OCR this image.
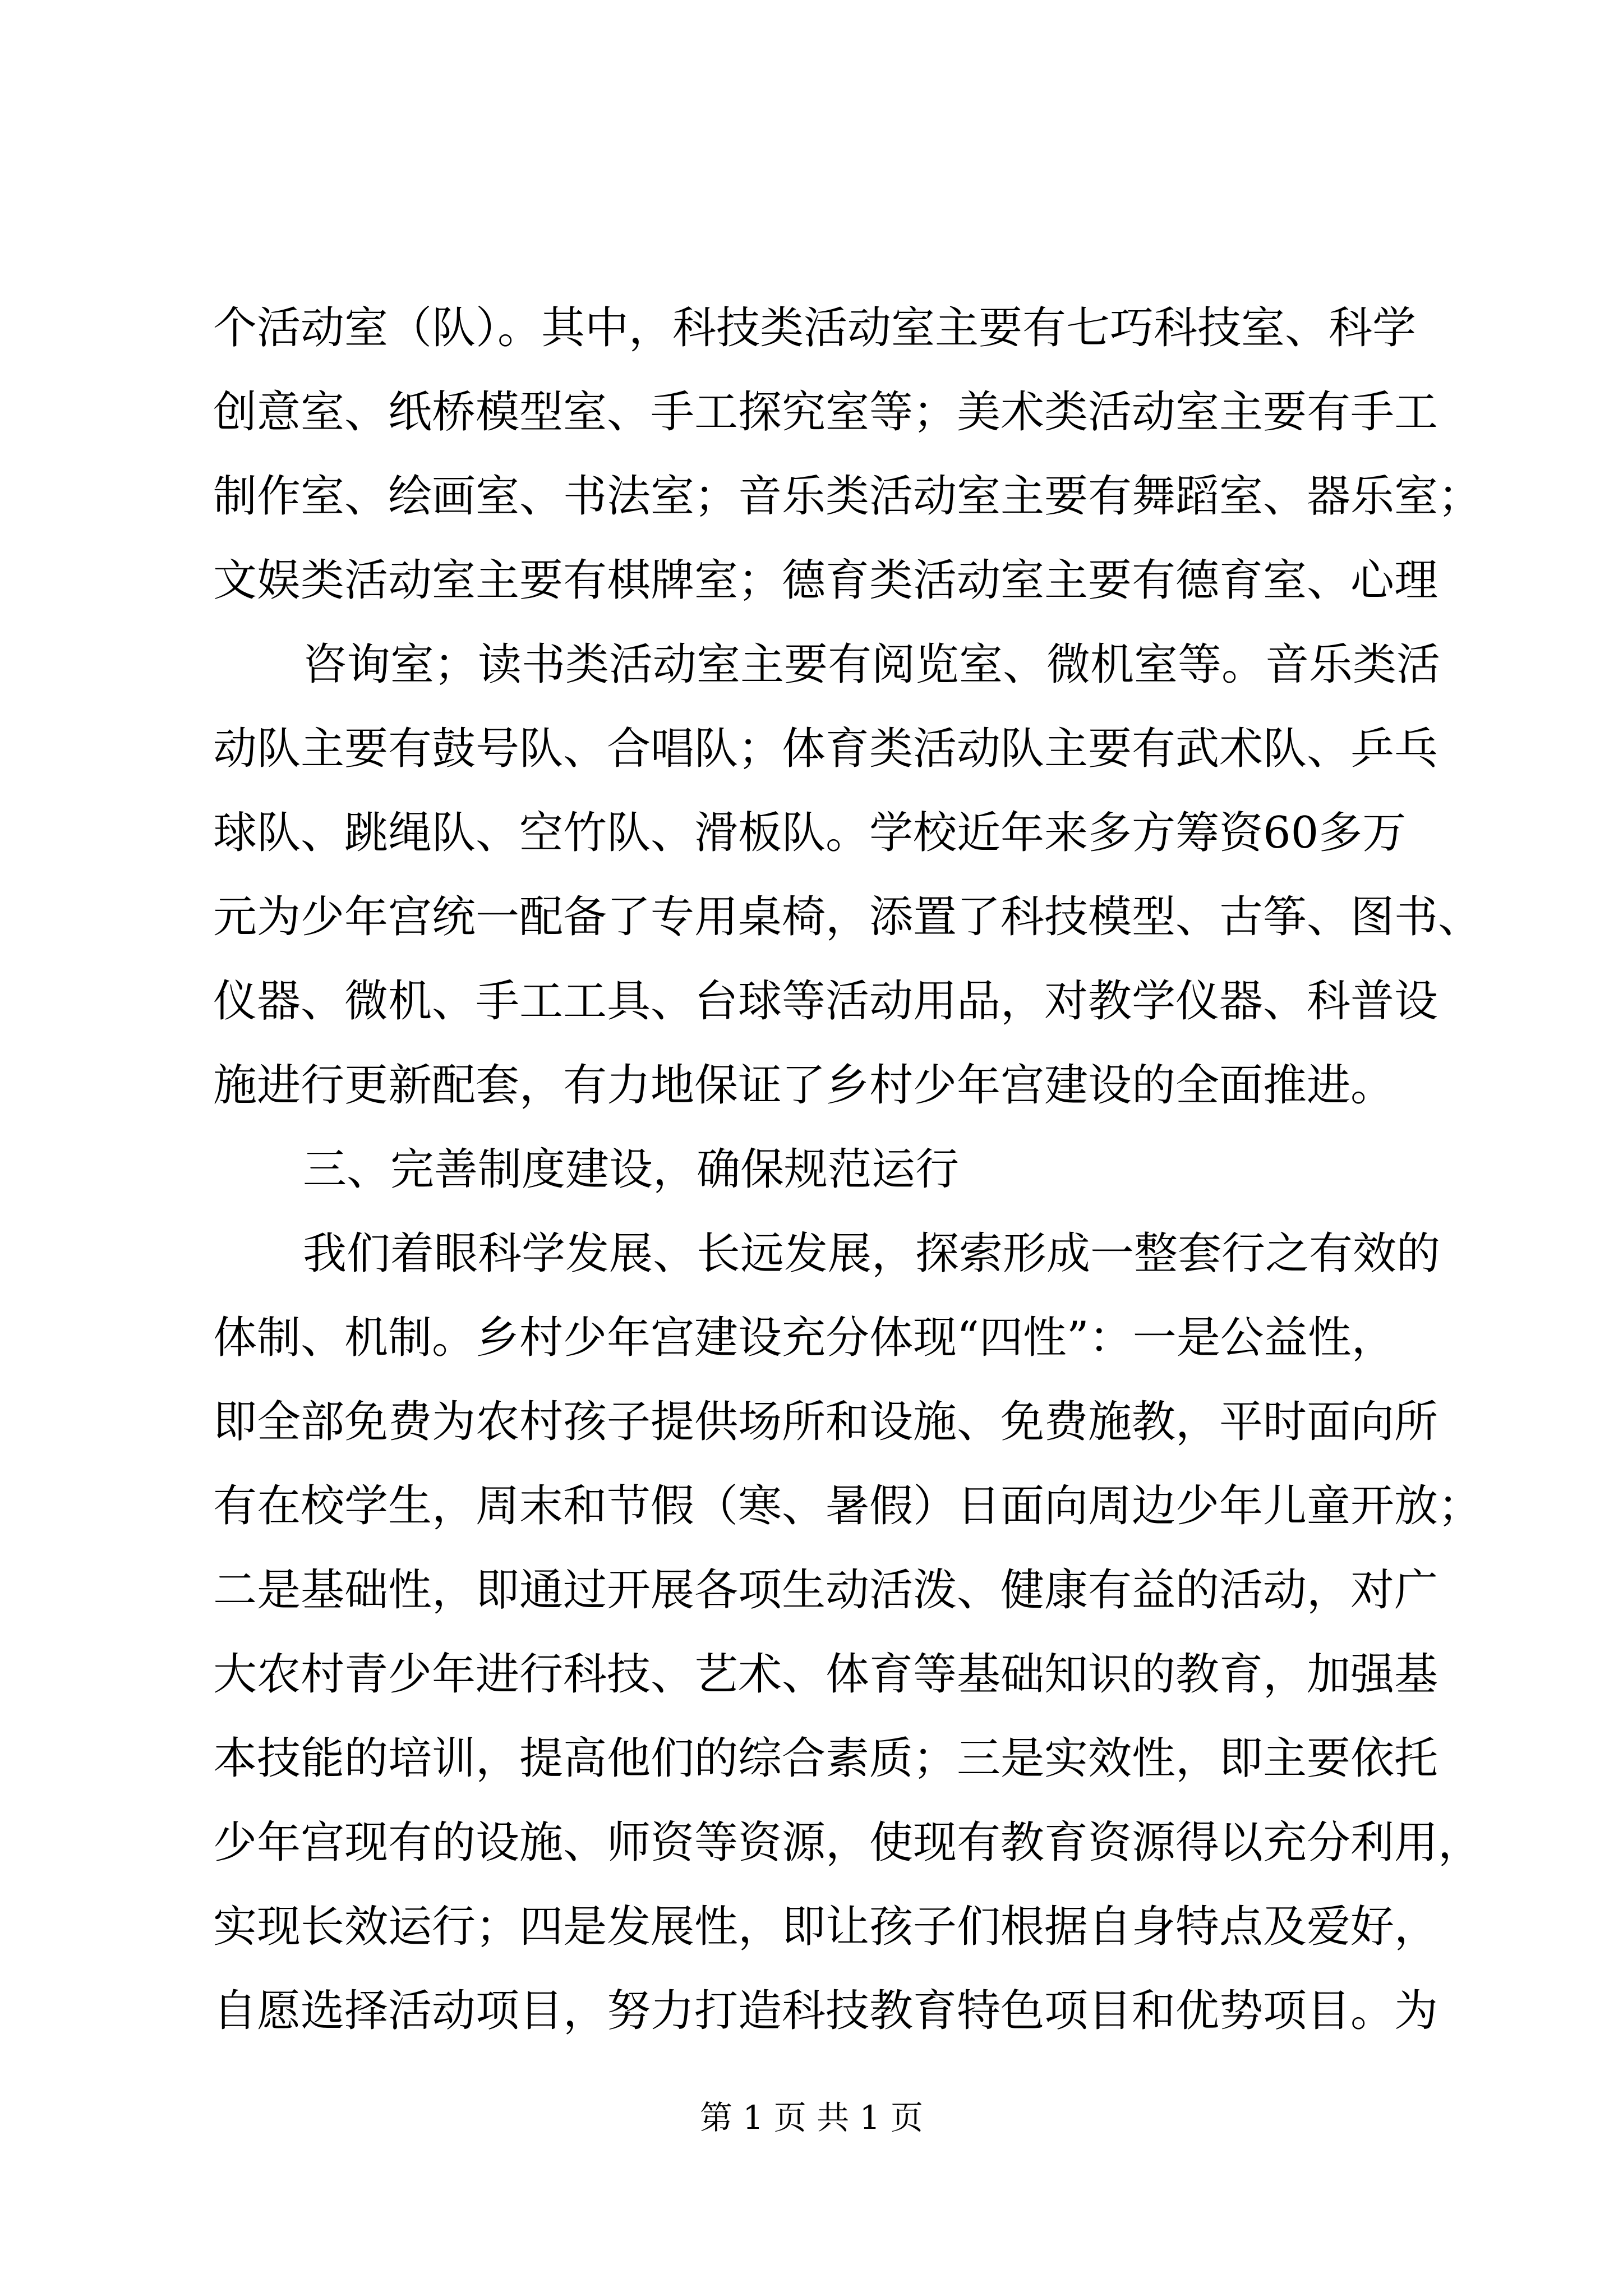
个活动室（队）。其中，科技类活动室主要有七巧科技室、科学
创意室、纸桥模型室、手工探究室等；美术类活动室主要有手工
制作室、绘画室、书法室；音乐类活动室主要有舞蹈室、器乐室；
文娱类活动室主要有棋牌室；德育类活动室主要有德育室、心理
咨询室；读书类活动室主要有阅览室、微机室等。音乐类活
动队主要有鼓号队、合唱队；体育类活动队主要有武术队、乒乓
球队、跳绳队、空竹队、滑板队。学校近年来多方筹资60多万
元为少年宫统一配备了专用桌椅，添置了科技模型、古筝、图书、
仪器、微机、手工工具、台球等活动用品，对教学仪器、科普设
施进行更新配套，有力地保证了乡村少年宫建设的全面推进。
三、完善制度建设，确保规范运行
我们着眼科学发展、长远发展，探索形成一整套行之有效的
体制、机制。乡村少年宫建设充分体现“四性”：一是公益性，
即全部免费为农村孩子提供场所和设施、免费施教，平时面向所
有在校学生，周末和节假（寒、暑假）日面向周边少年儿童开放；
二是基础性，即通过开展各项生动活泼、健康有益的活动，对广
大农村青少年进行科技、艺术、体育等基础知识的教育，加强基
本技能的培训，提高他们的综合素质；三是实效性，即主要依托
少年宫现有的设施、师资等资源，使现有教育资源得以充分利用，
实现长效运行；四是发展性，即让孩子们根据自身特点及爱好，
自愿选择活动项目，努力打造科技教育特色项目和优势项目。为
第 1 页 共 1 页
